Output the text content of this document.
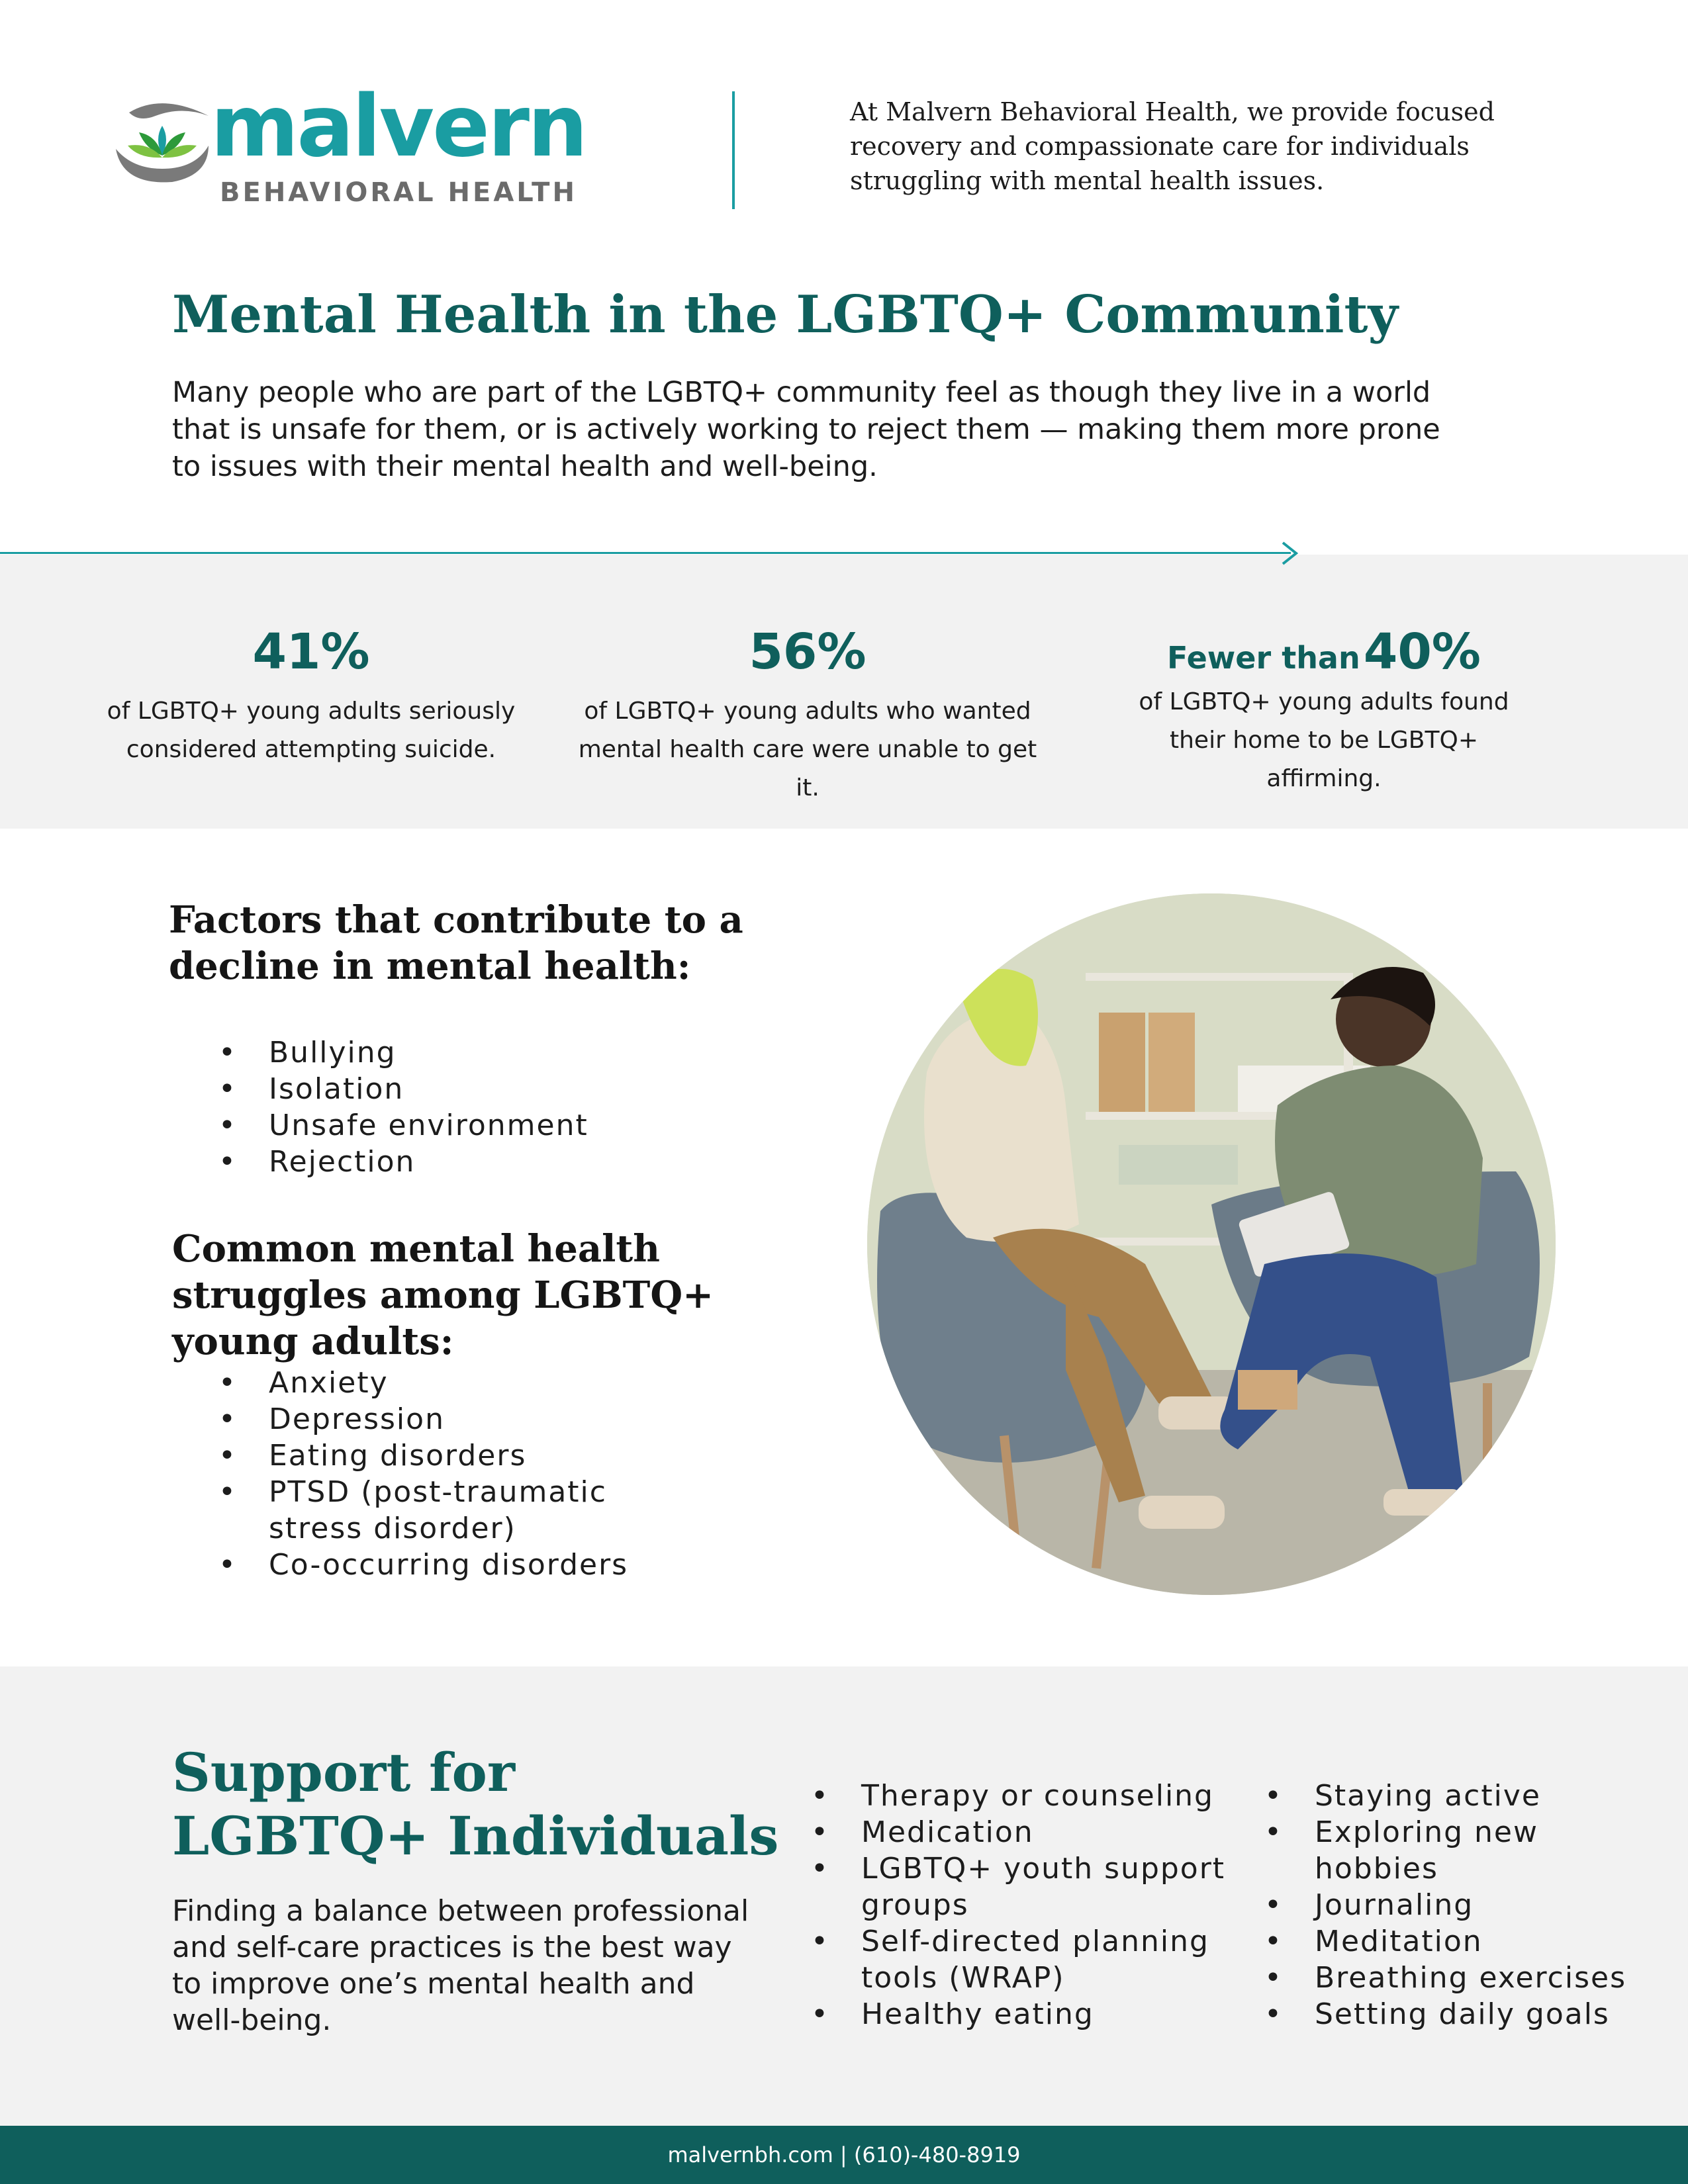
malvern
BEHAVIORAL HEALTH
At Malvern Behavioral Health, we provide focused recovery and compassionate care for individuals struggling with mental health issues.
Mental Health in the LGBTQ+ Community
Many people who are part of the LGBTQ+ community feel as though they live in a world that is unsafe for them, or is actively working to reject them — making them more prone to issues with their mental health and well-being.
41%
of LGBTQ+ young adults seriously considered attempting suicide.
56%
of LGBTQ+ young adults who wanted mental health care were unable to get it.
Fewer than 40%
of LGBTQ+ young adults found their home to be LGBTQ+ affirming.
Factors that contribute to a decline in mental health:
• Bullying
• Isolation
• Unsafe environment
• Rejection
Common mental health struggles among LGBTQ+ young adults:
• Anxiety
• Depression
• Eating disorders
• PTSD (post-traumatic stress disorder)
• Co-occurring disorders
Support for
LGBTQ+ Individuals
Finding a balance between professional and self-care practices is the best way to improve one’s mental health and well-being.
• Therapy or counseling
• Medication
• LGBTQ+ youth support groups
• Self-directed planning tools (WRAP)
• Healthy eating
• Staying active
• Exploring new hobbies
• Journaling
• Meditation
• Breathing exercises
• Setting daily goals
malvernbh.com | (610)-480-8919
